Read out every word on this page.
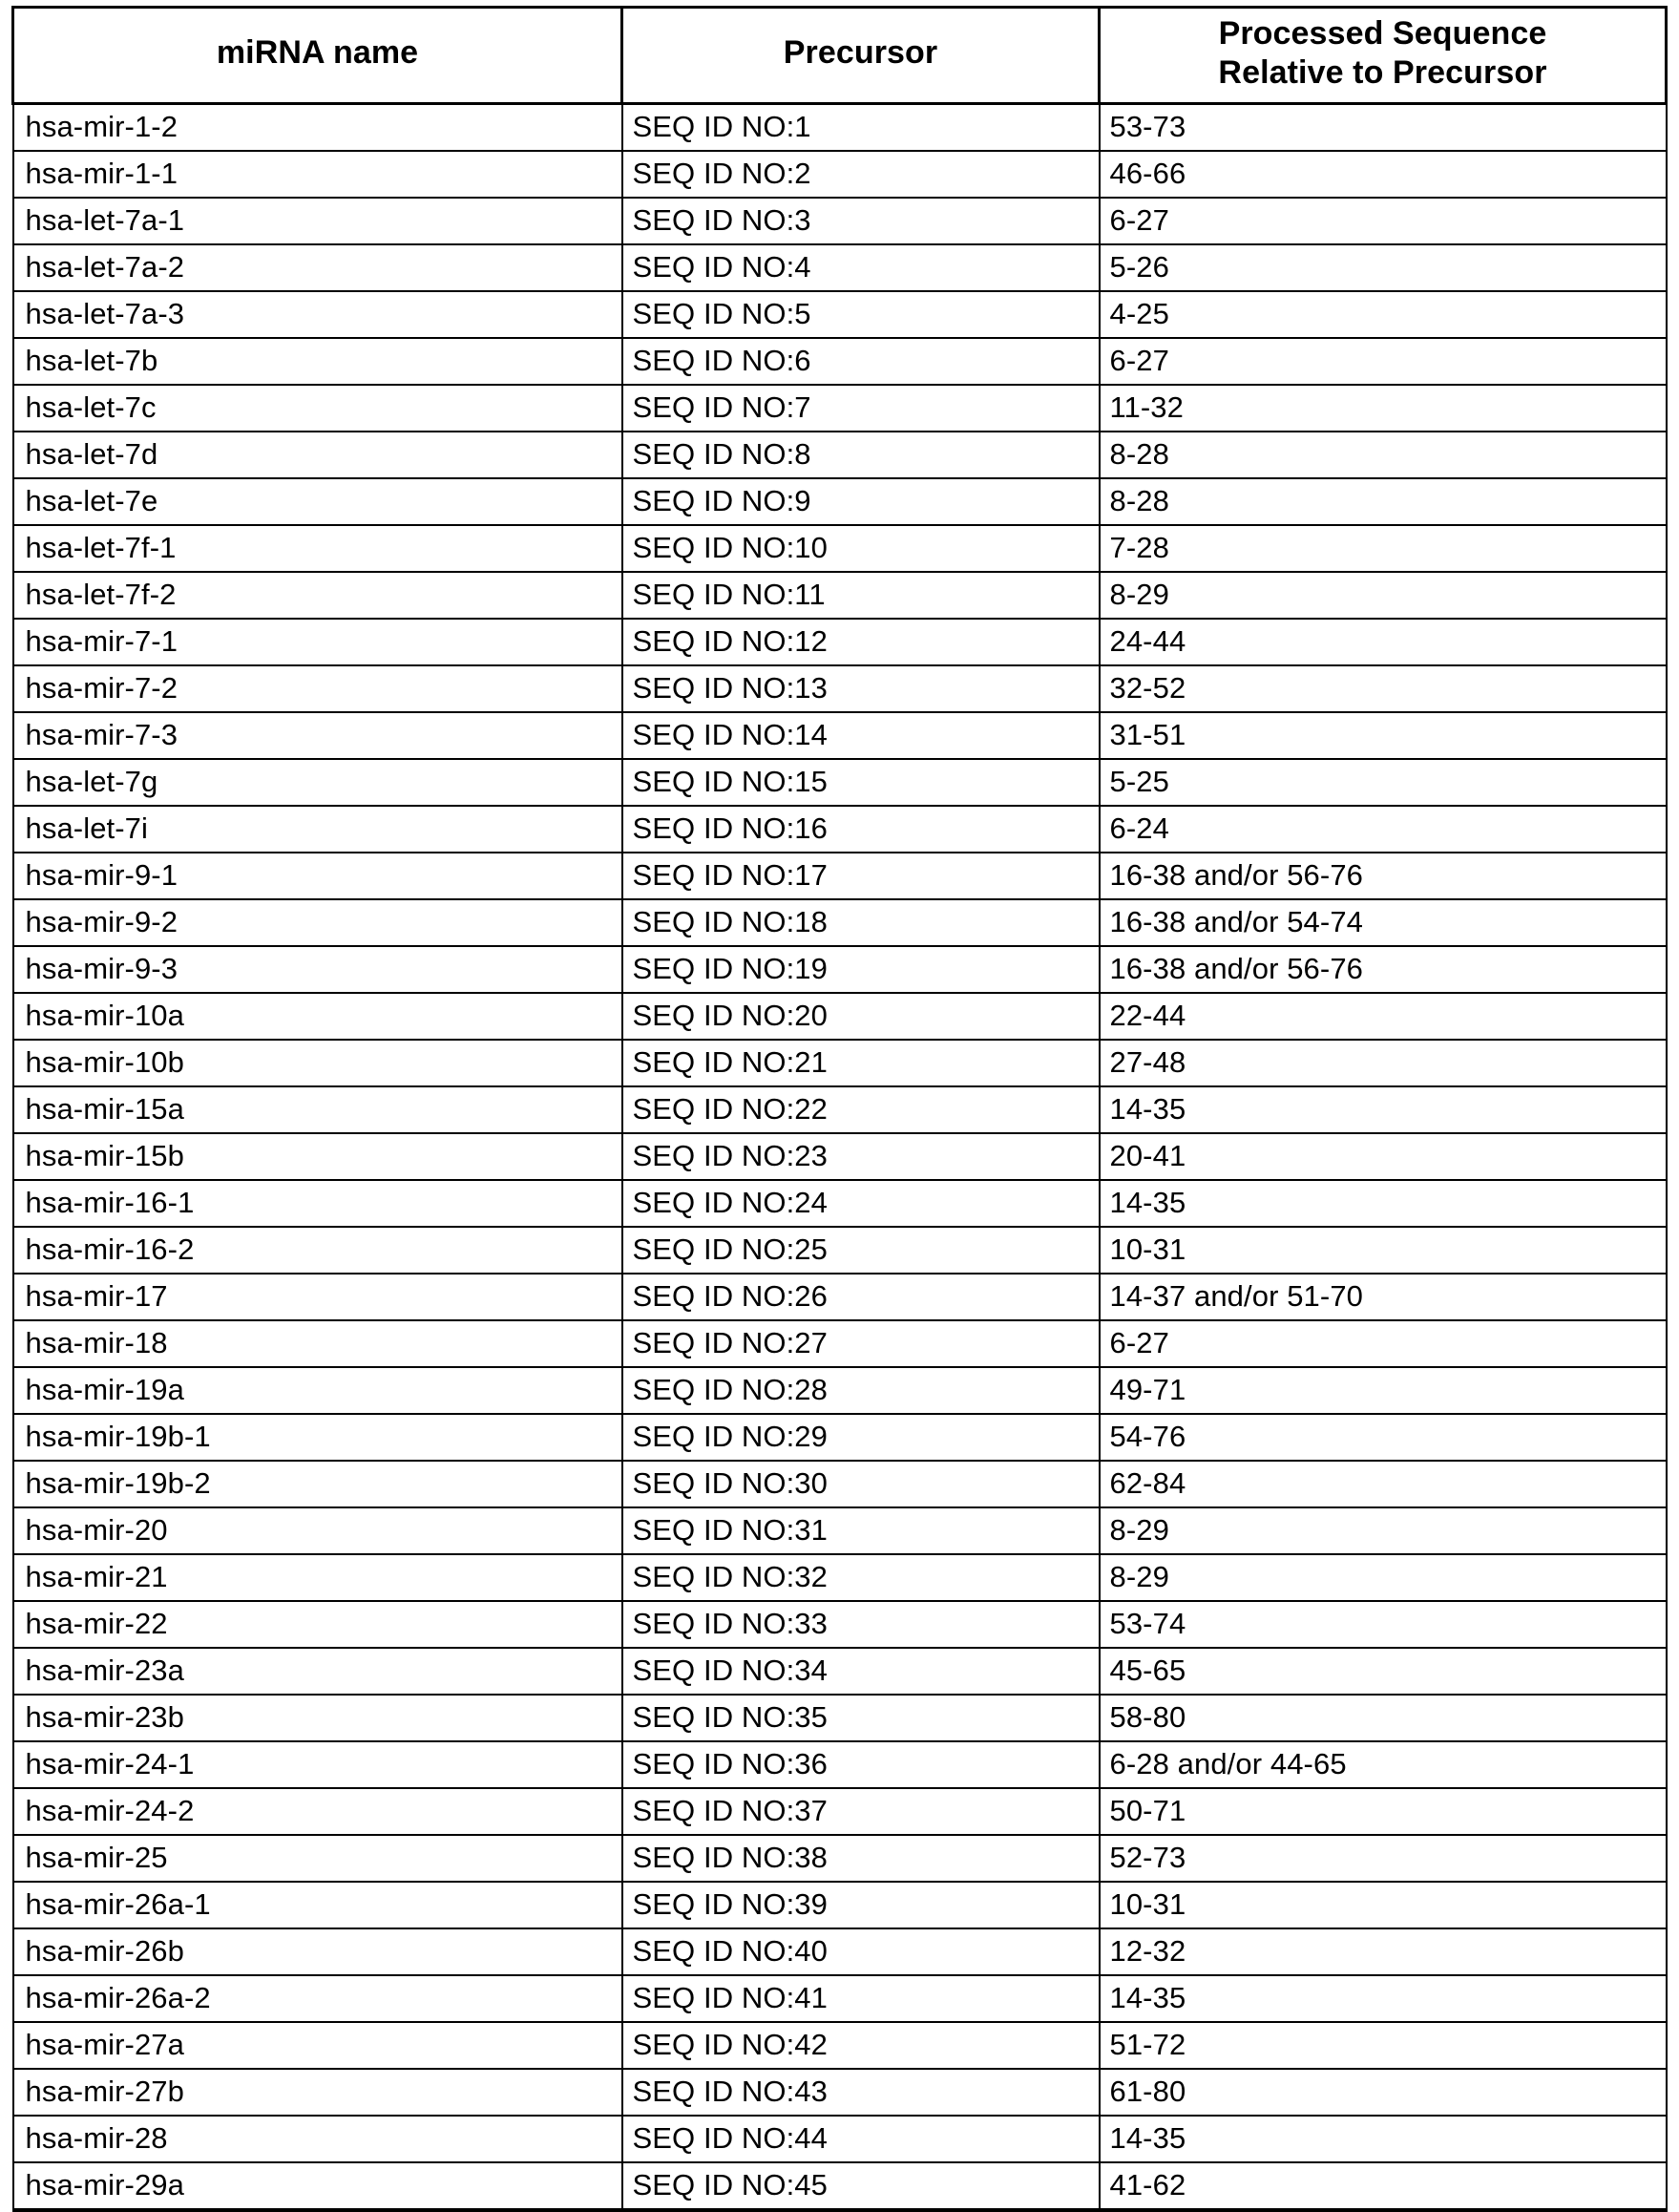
miRNA name	Precursor	Processed Sequence
Relative to Precursor

hsa-mir-1-2	SEQ ID NO:1	53-73
hsa-mir-1-1	SEQ ID NO:2	46-66
hsa-let-7a-1	SEQ ID NO:3	6-27
hsa-let-7a-2	SEQ ID NO:4	5-26
hsa-let-7a-3	SEQ ID NO:5	4-25
hsa-let-7b	SEQ ID NO:6	6-27
hsa-let-7c	SEQ ID NO:7	11-32
hsa-let-7d	SEQ ID NO:8	8-28
hsa-let-7e	SEQ ID NO:9	8-28
hsa-let-7f-1	SEQ ID NO:10	7-28
hsa-let-7f-2	SEQ ID NO:11	8-29
hsa-mir-7-1	SEQ ID NO:12	24-44
hsa-mir-7-2	SEQ ID NO:13	32-52
hsa-mir-7-3	SEQ ID NO:14	31-51
hsa-let-7g	SEQ ID NO:15	5-25
hsa-let-7i	SEQ ID NO:16	6-24
hsa-mir-9-1	SEQ ID NO:17	16-38 and/or 56-76
hsa-mir-9-2	SEQ ID NO:18	16-38 and/or 54-74
hsa-mir-9-3	SEQ ID NO:19	16-38 and/or 56-76
hsa-mir-10a	SEQ ID NO:20	22-44
hsa-mir-10b	SEQ ID NO:21	27-48
hsa-mir-15a	SEQ ID NO:22	14-35
hsa-mir-15b	SEQ ID NO:23	20-41
hsa-mir-16-1	SEQ ID NO:24	14-35
hsa-mir-16-2	SEQ ID NO:25	10-31
hsa-mir-17	SEQ ID NO:26	14-37 and/or 51-70
hsa-mir-18	SEQ ID NO:27	6-27
hsa-mir-19a	SEQ ID NO:28	49-71
hsa-mir-19b-1	SEQ ID NO:29	54-76
hsa-mir-19b-2	SEQ ID NO:30	62-84
hsa-mir-20	SEQ ID NO:31	8-29
hsa-mir-21	SEQ ID NO:32	8-29
hsa-mir-22	SEQ ID NO:33	53-74
hsa-mir-23a	SEQ ID NO:34	45-65
hsa-mir-23b	SEQ ID NO:35	58-80
hsa-mir-24-1	SEQ ID NO:36	6-28 and/or 44-65
hsa-mir-24-2	SEQ ID NO:37	50-71
hsa-mir-25	SEQ ID NO:38	52-73
hsa-mir-26a-1	SEQ ID NO:39	10-31
hsa-mir-26b	SEQ ID NO:40	12-32
hsa-mir-26a-2	SEQ ID NO:41	14-35
hsa-mir-27a	SEQ ID NO:42	51-72
hsa-mir-27b	SEQ ID NO:43	61-80
hsa-mir-28	SEQ ID NO:44	14-35
hsa-mir-29a	SEQ ID NO:45	41-62
